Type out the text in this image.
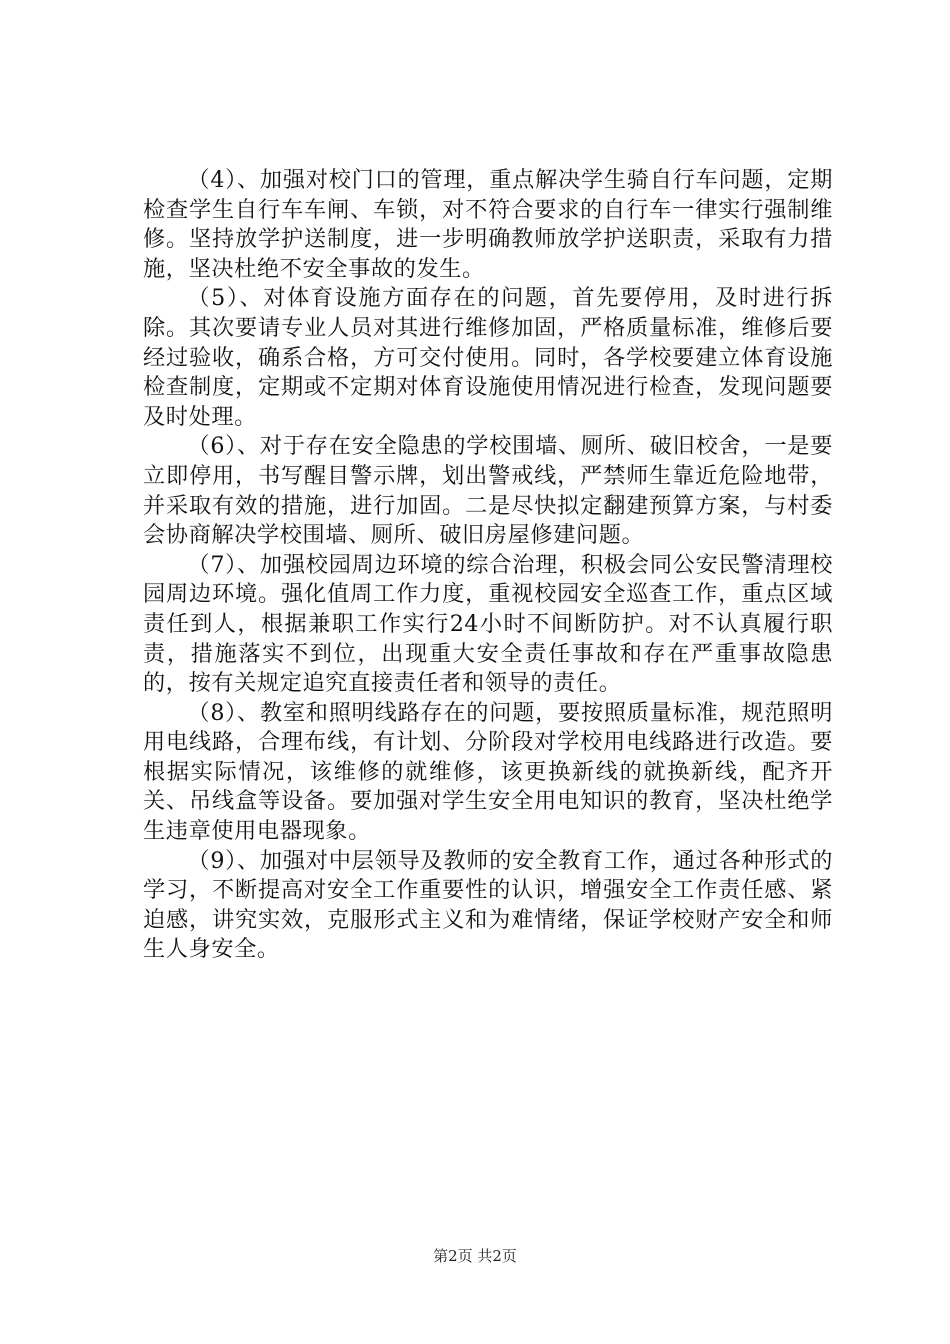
（4）、加强对校门口的管理，重点解决学生骑自行车问题，定期检查学生自行车车闸、车锁，对不符合要求的自行车一律实行强制维修。坚持放学护送制度，进一步明确教师放学护送职责，采取有力措施，坚决杜绝不安全事故的发生。

（5）、对体育设施方面存在的问题，首先要停用，及时进行拆除。其次要请专业人员对其进行维修加固，严格质量标准，维修后要经过验收，确系合格，方可交付使用。同时，各学校要建立体育设施检查制度，定期或不定期对体育设施使用情况进行检查，发现问题要及时处理。

（6）、对于存在安全隐患的学校围墙、厕所、破旧校舍，一是要立即停用，书写醒目警示牌，划出警戒线，严禁师生靠近危险地带，并采取有效的措施，进行加固。二是尽快拟定翻建预算方案，与村委会协商解决学校围墙、厕所、破旧房屋修建问题。

（7）、加强校园周边环境的综合治理，积极会同公安民警清理校园周边环境。强化值周工作力度，重视校园安全巡查工作，重点区域责任到人，根据兼职工作实行24小时不间断防护。对不认真履行职责，措施落实不到位，出现重大安全责任事故和存在严重事故隐患的，按有关规定追究直接责任者和领导的责任。

（8）、教室和照明线路存在的问题，要按照质量标准，规范照明用电线路，合理布线，有计划、分阶段对学校用电线路进行改造。要根据实际情况，该维修的就维修，该更换新线的就换新线，配齐开关、吊线盒等设备。要加强对学生安全用电知识的教育，坚决杜绝学生违章使用电器现象。

（9）、加强对中层领导及教师的安全教育工作，通过各种形式的学习，不断提高对安全工作重要性的认识，增强安全工作责任感、紧迫感，讲究实效，克服形式主义和为难情绪，保证学校财产安全和师生人身安全。

第2页 共2页
